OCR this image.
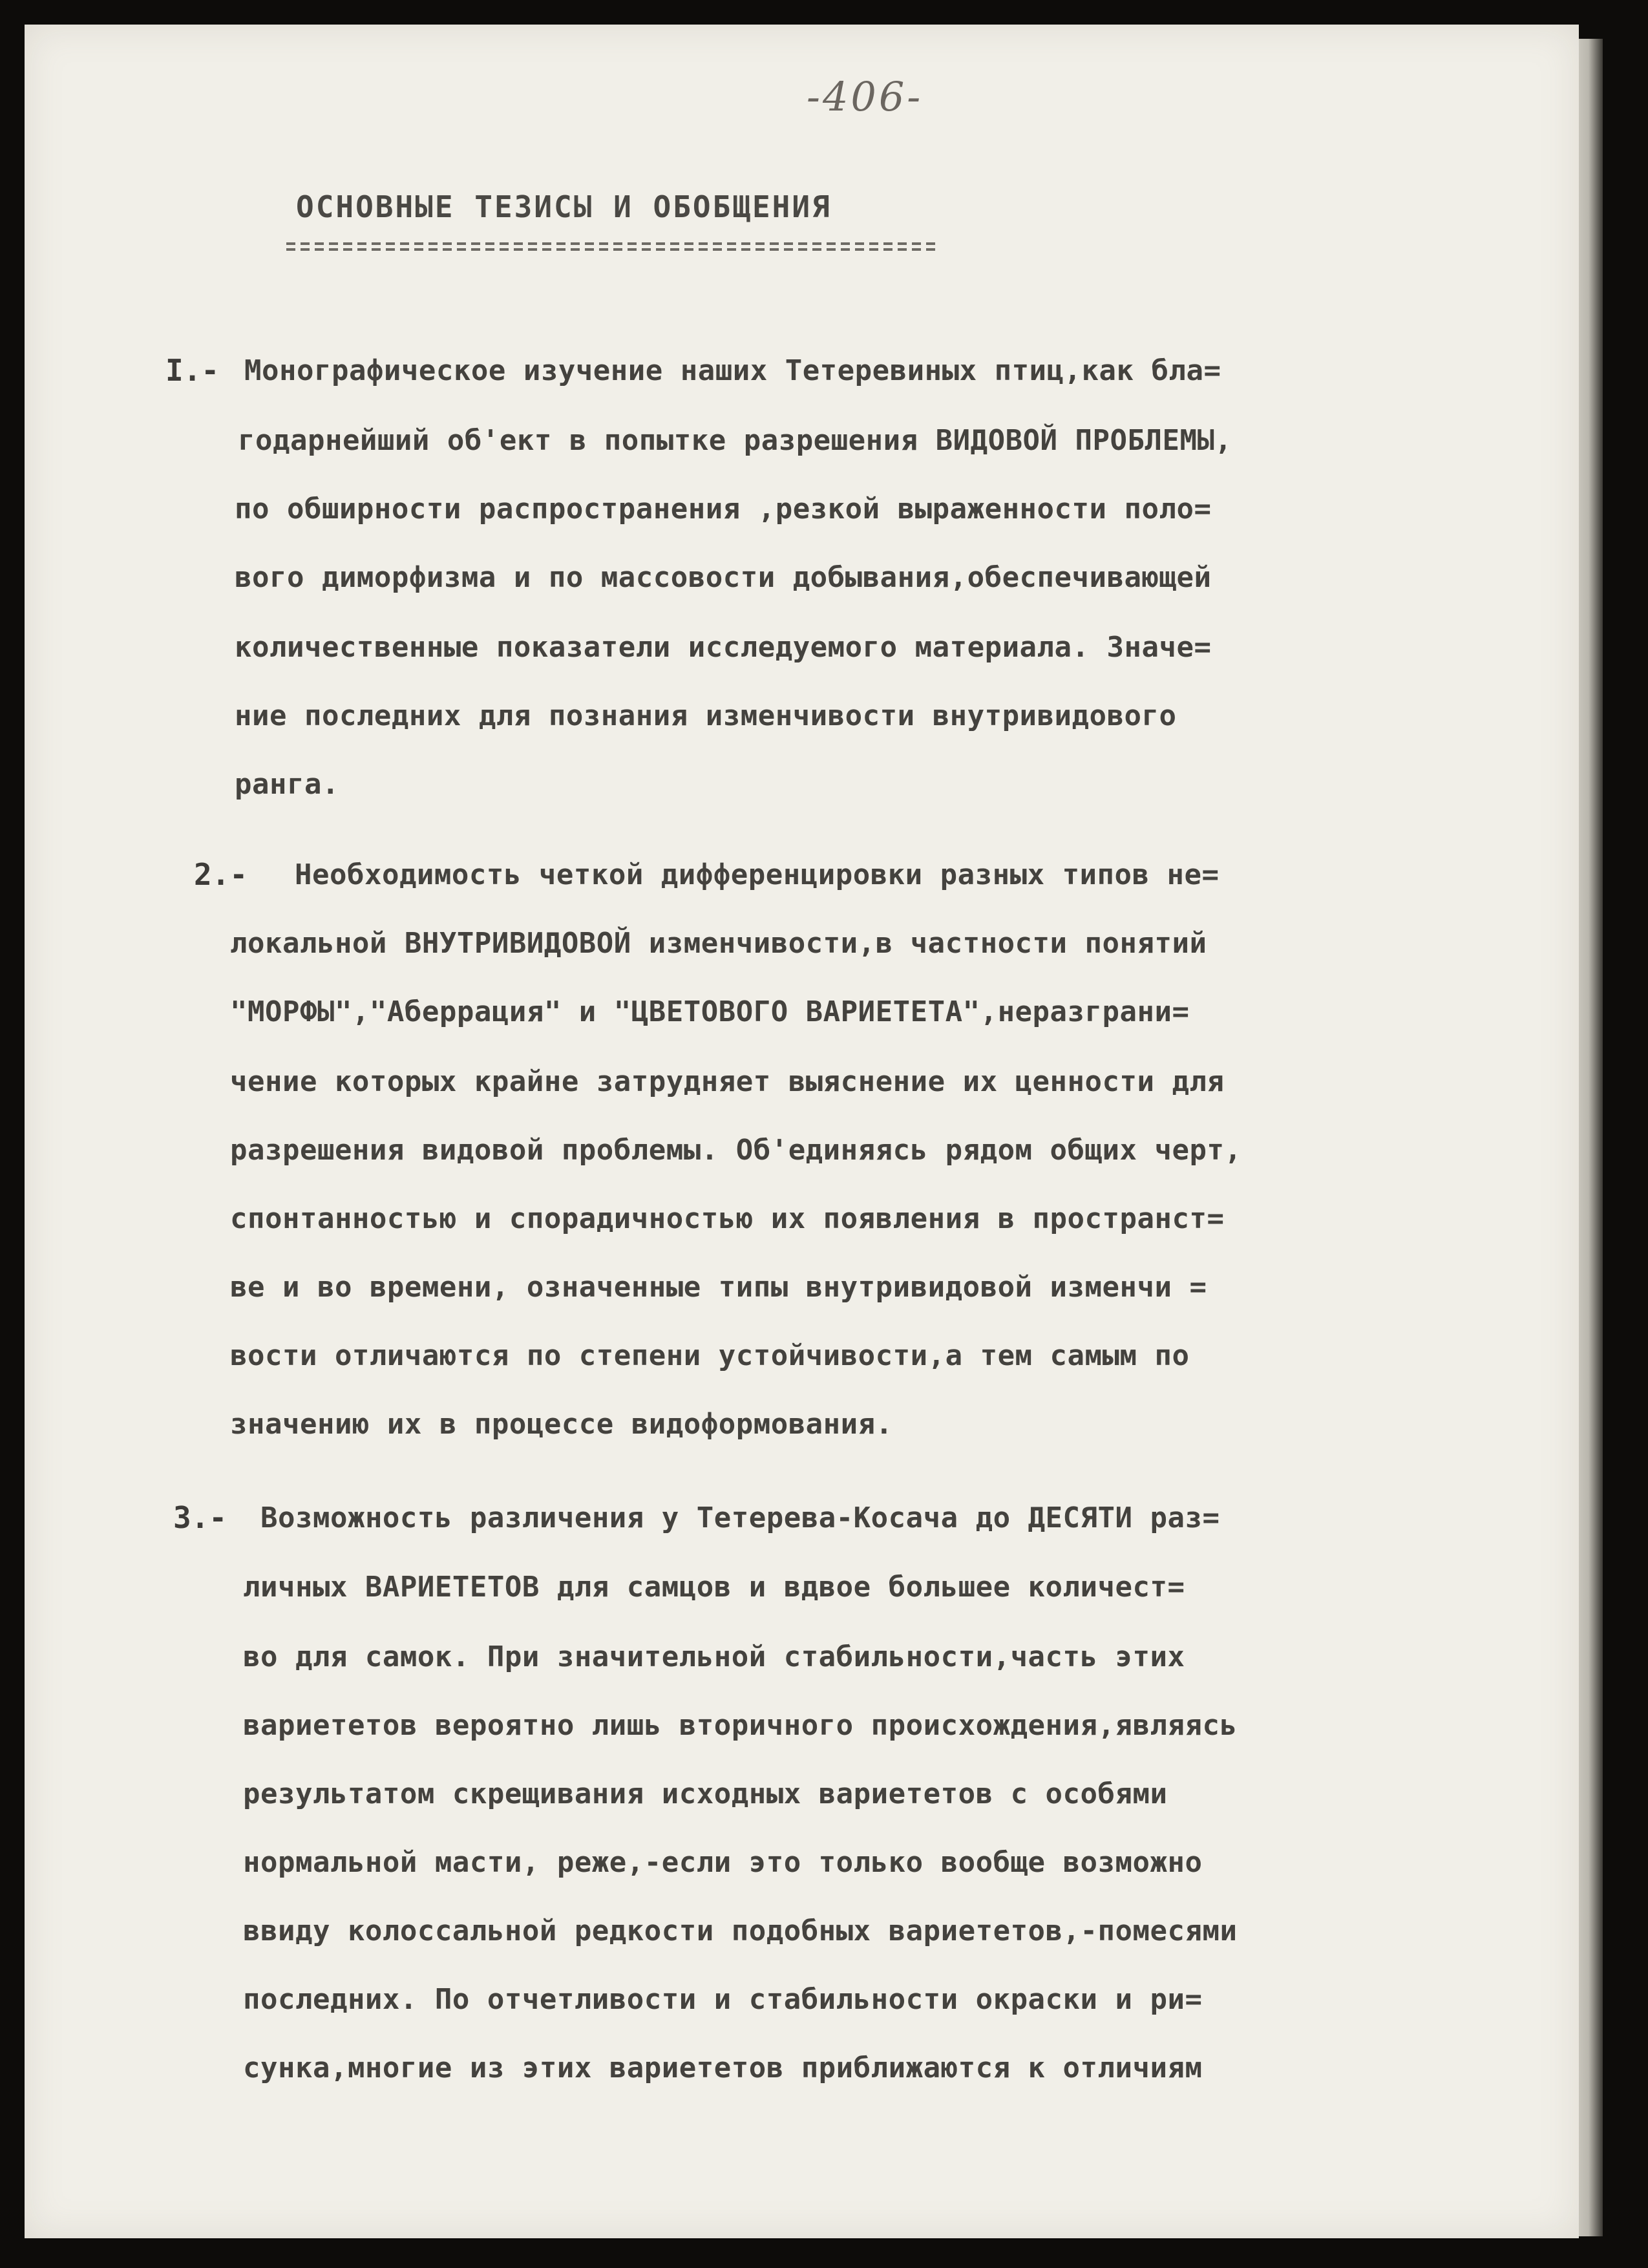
-406-
ОСНОВНЫЕ ТЕЗИСЫ И ОБОБЩЕНИЯ
I.- Монографическое изучение наших Тетеревиных птиц,как бла=
годарнейший об'ект в попытке разрешения ВИДОВОЙ ПРОБЛЕМЫ,
по обширности распространения ,резкой выраженности поло=
вого диморфизма и по массовости добывания,обеспечивающей
количественные показатели исследуемого материала. Значе=
ние последних для познания изменчивости внутривидового
ранга.
2.- Необходимость четкой дифференцировки разных типов не=
локальной ВНУТРИВИДОВОЙ изменчивости,в частности понятий
"МОРФЫ","Аберрация" и "ЦВЕТОВОГО ВАРИЕТЕТА",неразграни=
чение которых крайне затрудняет выяснение их ценности для
разрешения видовой проблемы. Об'единяясь рядом общих черт,
спонтанностью и спорадичностью их появления в пространст=
ве и во времени, означенные типы внутривидовой изменчи =
вости отличаются по степени устойчивости,а тем самым по
значению их в процессе видоформования.
3.- Возможность различения у Тетерева-Косача до ДЕСЯТИ раз=
личных ВАРИЕТЕТОВ для самцов и вдвое большее количест=
во для самок. При значительной стабильности,часть этих
вариететов вероятно лишь вторичного происхождения,являясь
результатом скрещивания исходных вариететов с особями
нормальной масти, реже,-если это только вообще возможно
ввиду колоссальной редкости подобных вариететов,-помесями
последних. По отчетливости и стабильности окраски и ри=
сунка,многие из этих вариететов приближаются к отличиям
